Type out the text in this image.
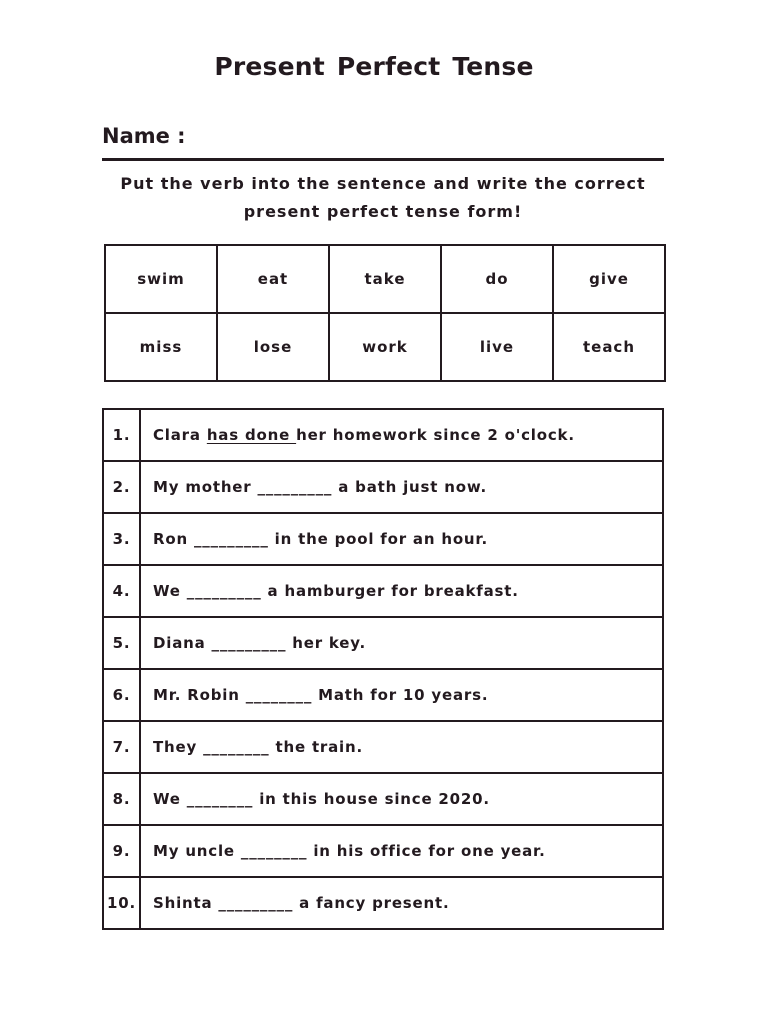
Present Perfect Tense
Name :
Put the verb into the sentence and write the correct present perfect tense form!
swim	eat	take	do	give
miss	lose	work	live	teach
1.	Clara has done her homework since 2 o'clock.
2.	My mother _________ a bath just now.
3.	Ron _________ in the pool for an hour.
4.	We _________ a hamburger for breakfast.
5.	Diana _________ her key.
6.	Mr. Robin ________ Math for 10 years.
7.	They ________ the train.
8.	We ________ in this house since 2020.
9.	My uncle ________ in his office for one year.
10.	Shinta _________ a fancy present.
